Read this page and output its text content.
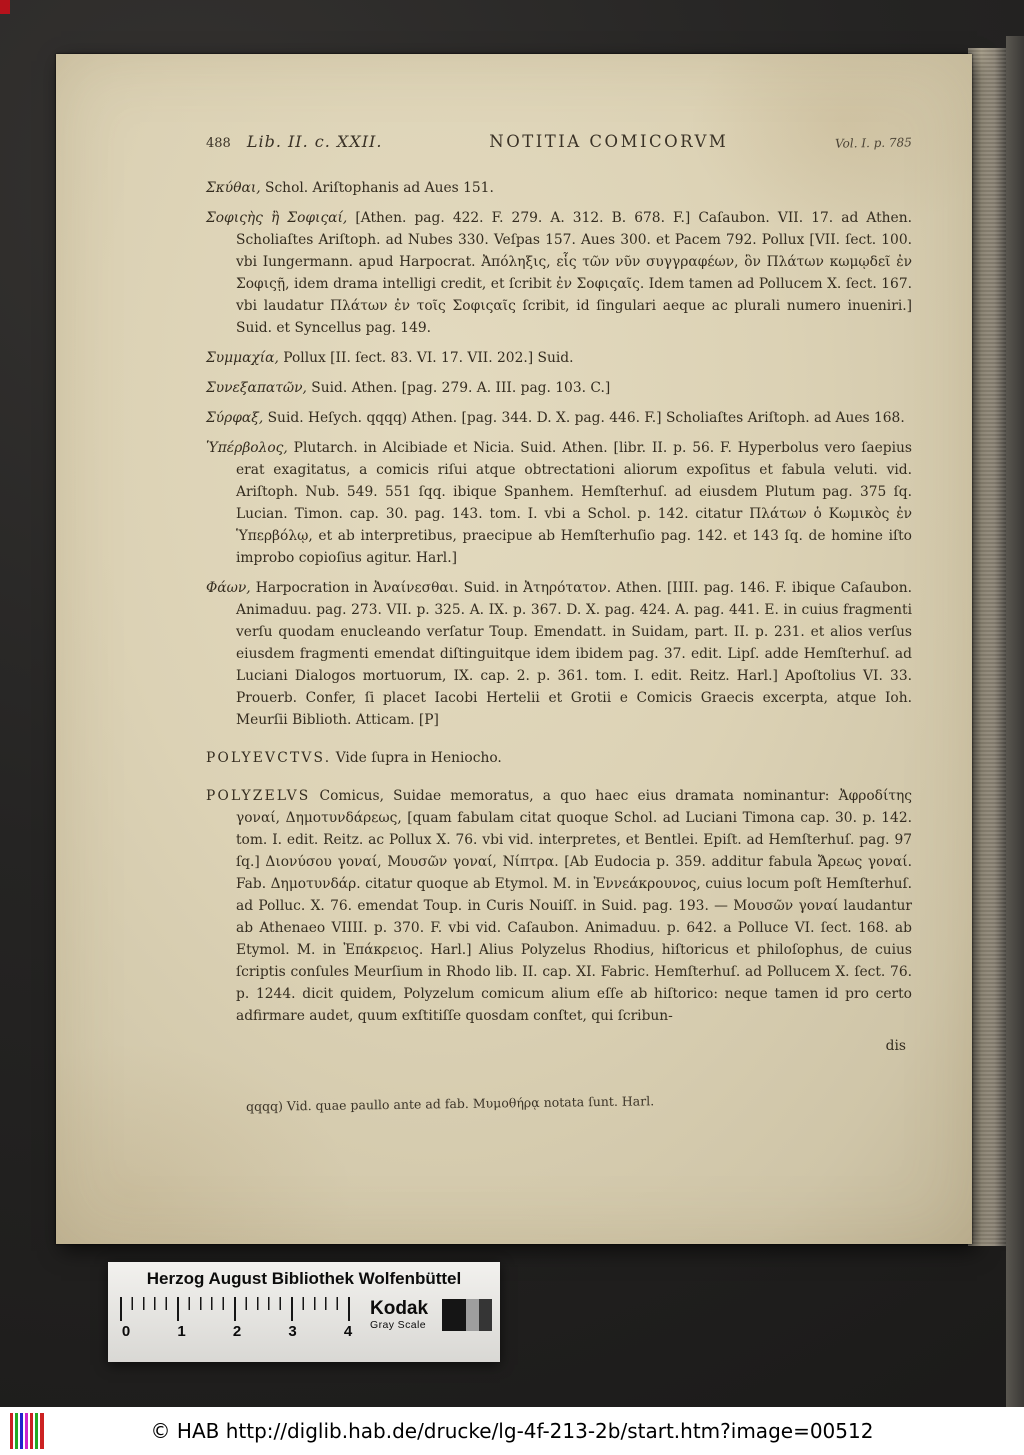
488 Lib. II. c. XXII.	NOTITIA COMICORVM	Vol. I. p. 785

Σκύθαι, Schol. Ariſtophanis ad Aues 151.

Σοφιςὴς ἢ Σοφιςαί, [Athen. pag. 422. F. 279. A. 312. B. 678. F.] Caſaubon. VII. 17. ad Athen. Scholiaſtes Ariſtoph. ad Nubes 330. Veſpas 157. Aues 300. et Pacem 792. Pollux [VII. ſect. 100. vbi Iungermann. apud Harpocrat. Ἀπόληξις, εἷς τῶν νῦν συγγραφέων, ὃν Πλάτων κωμῳδεῖ ἐν Σοφιςῇ, idem drama intelligi credit, et ſcribit ἐν Σοφιςαῖς. Idem tamen ad Pollucem X. ſect. 167. vbi laudatur Πλάτων ἐν τοῖς Σοφιςαῖς ſcribit, id ſingulari aeque ac plurali numero inueniri.] Suid. et Syncellus pag. 149.

Συμμαχία, Pollux [II. ſect. 83. VI. 17. VII. 202.] Suid.

Συνεξαπατῶν, Suid. Athen. [pag. 279. A. III. pag. 103. C.]

Σύρφαξ, Suid. Heſych. qqqq) Athen. [pag. 344. D. X. pag. 446. F.] Scholiaſtes Ariſtoph. ad Aues 168.

Ὑπέρβολος, Plutarch. in Alcibiade et Nicia. Suid. Athen. [libr. II. p. 56. F. Hyperbolus vero ſaepius erat exagitatus, a comicis riſui atque obtrectationi aliorum expoſitus et fabula veluti. vid. Ariſtoph. Nub. 549. 551 ſqq. ibique Spanhem. Hemſterhuſ. ad eiusdem Plutum pag. 375 ſq. Lucian. Timon. cap. 30. pag. 143. tom. I. vbi a Schol. p. 142. citatur Πλάτων ὁ Κωμικὸς ἐν Ὑπερβόλῳ, et ab interpretibus, praecipue ab Hemſterhuſio pag. 142. et 143 ſq. de homine iſto improbo copioſius agitur. Harl.]

Φάων, Harpocration in Ἀναίνεσθαι. Suid. in Ἀτηρότατον. Athen. [IIII. pag. 146. F. ibique Caſaubon. Animaduu. pag. 273. VII. p. 325. A. IX. p. 367. D. X. pag. 424. A. pag. 441. E. in cuius fragmenti verſu quodam enucleando verſatur Toup. Emendatt. in Suidam, part. II. p. 231. et alios verſus eiusdem fragmenti emendat diſtinguitque idem ibidem pag. 37. edit. Lipſ. adde Hemſterhuſ. ad Luciani Dialogos mortuorum, IX. cap. 2. p. 361. tom. I. edit. Reitz. Harl.] Apoſtolius VI. 33. Prouerb. Confer, ſi placet Iacobi Hertelii et Grotii e Comicis Graecis excerpta, atque Ioh. Meurſii Biblioth. Atticam. [P]

POLYEVCTVS. Vide ſupra in Heniocho.

POLYZELVS Comicus, Suidae memoratus, a quo haec eius dramata nominantur: Ἀφροδίτης γοναί, Δημοτυνδάρεως, [quam fabulam citat quoque Schol. ad Luciani Timona cap. 30. p. 142. tom. I. edit. Reitz. ac Pollux X. 76. vbi vid. interpretes, et Bentlei. Epiſt. ad Hemſterhuſ. pag. 97 ſq.] Διονύσου γοναί, Μουσῶν γοναί, Νίπτρα. [Ab Eudocia p. 359. additur fabula Ἄρεως γοναί. Fab. Δημοτυνδάρ. citatur quoque ab Etymol. M. in Ἐννεάκρουνος, cuius locum poſt Hemſterhuſ. ad Polluc. X. 76. emendat Toup. in Curis Nouiſſ. in Suid. pag. 193. — Μουσῶν γοναί laudantur ab Athenaeo VIIII. p. 370. F. vbi vid. Caſaubon. Animaduu. p. 642. a Polluce VI. ſect. 168. ab Etymol. M. in Ἐπάκρειος. Harl.] Alius Polyzelus Rhodius, hiſtoricus et philoſophus, de cuius ſcriptis conſules Meurſium in Rhodo lib. II. cap. XI. Fabric. Hemſterhuſ. ad Pollucem X. ſect. 76. p. 1244. dicit quidem, Polyzelum comicum alium eſſe ab hiſtorico: neque tamen id pro certo adfirmare audet, quum exſtitiſſe quosdam conſtet, qui ſcribun-

dis

qqqq) Vid. quae paullo ante ad fab. Μυμοθήρᾳ notata ſunt. Harl.

Herzog August Bibliothek Wolfenbüttel
0	1	2	3	4
Kodak
Gray Scale
© HAB http://diglib.hab.de/drucke/lg-4f-213-2b/start.htm?image=00512
